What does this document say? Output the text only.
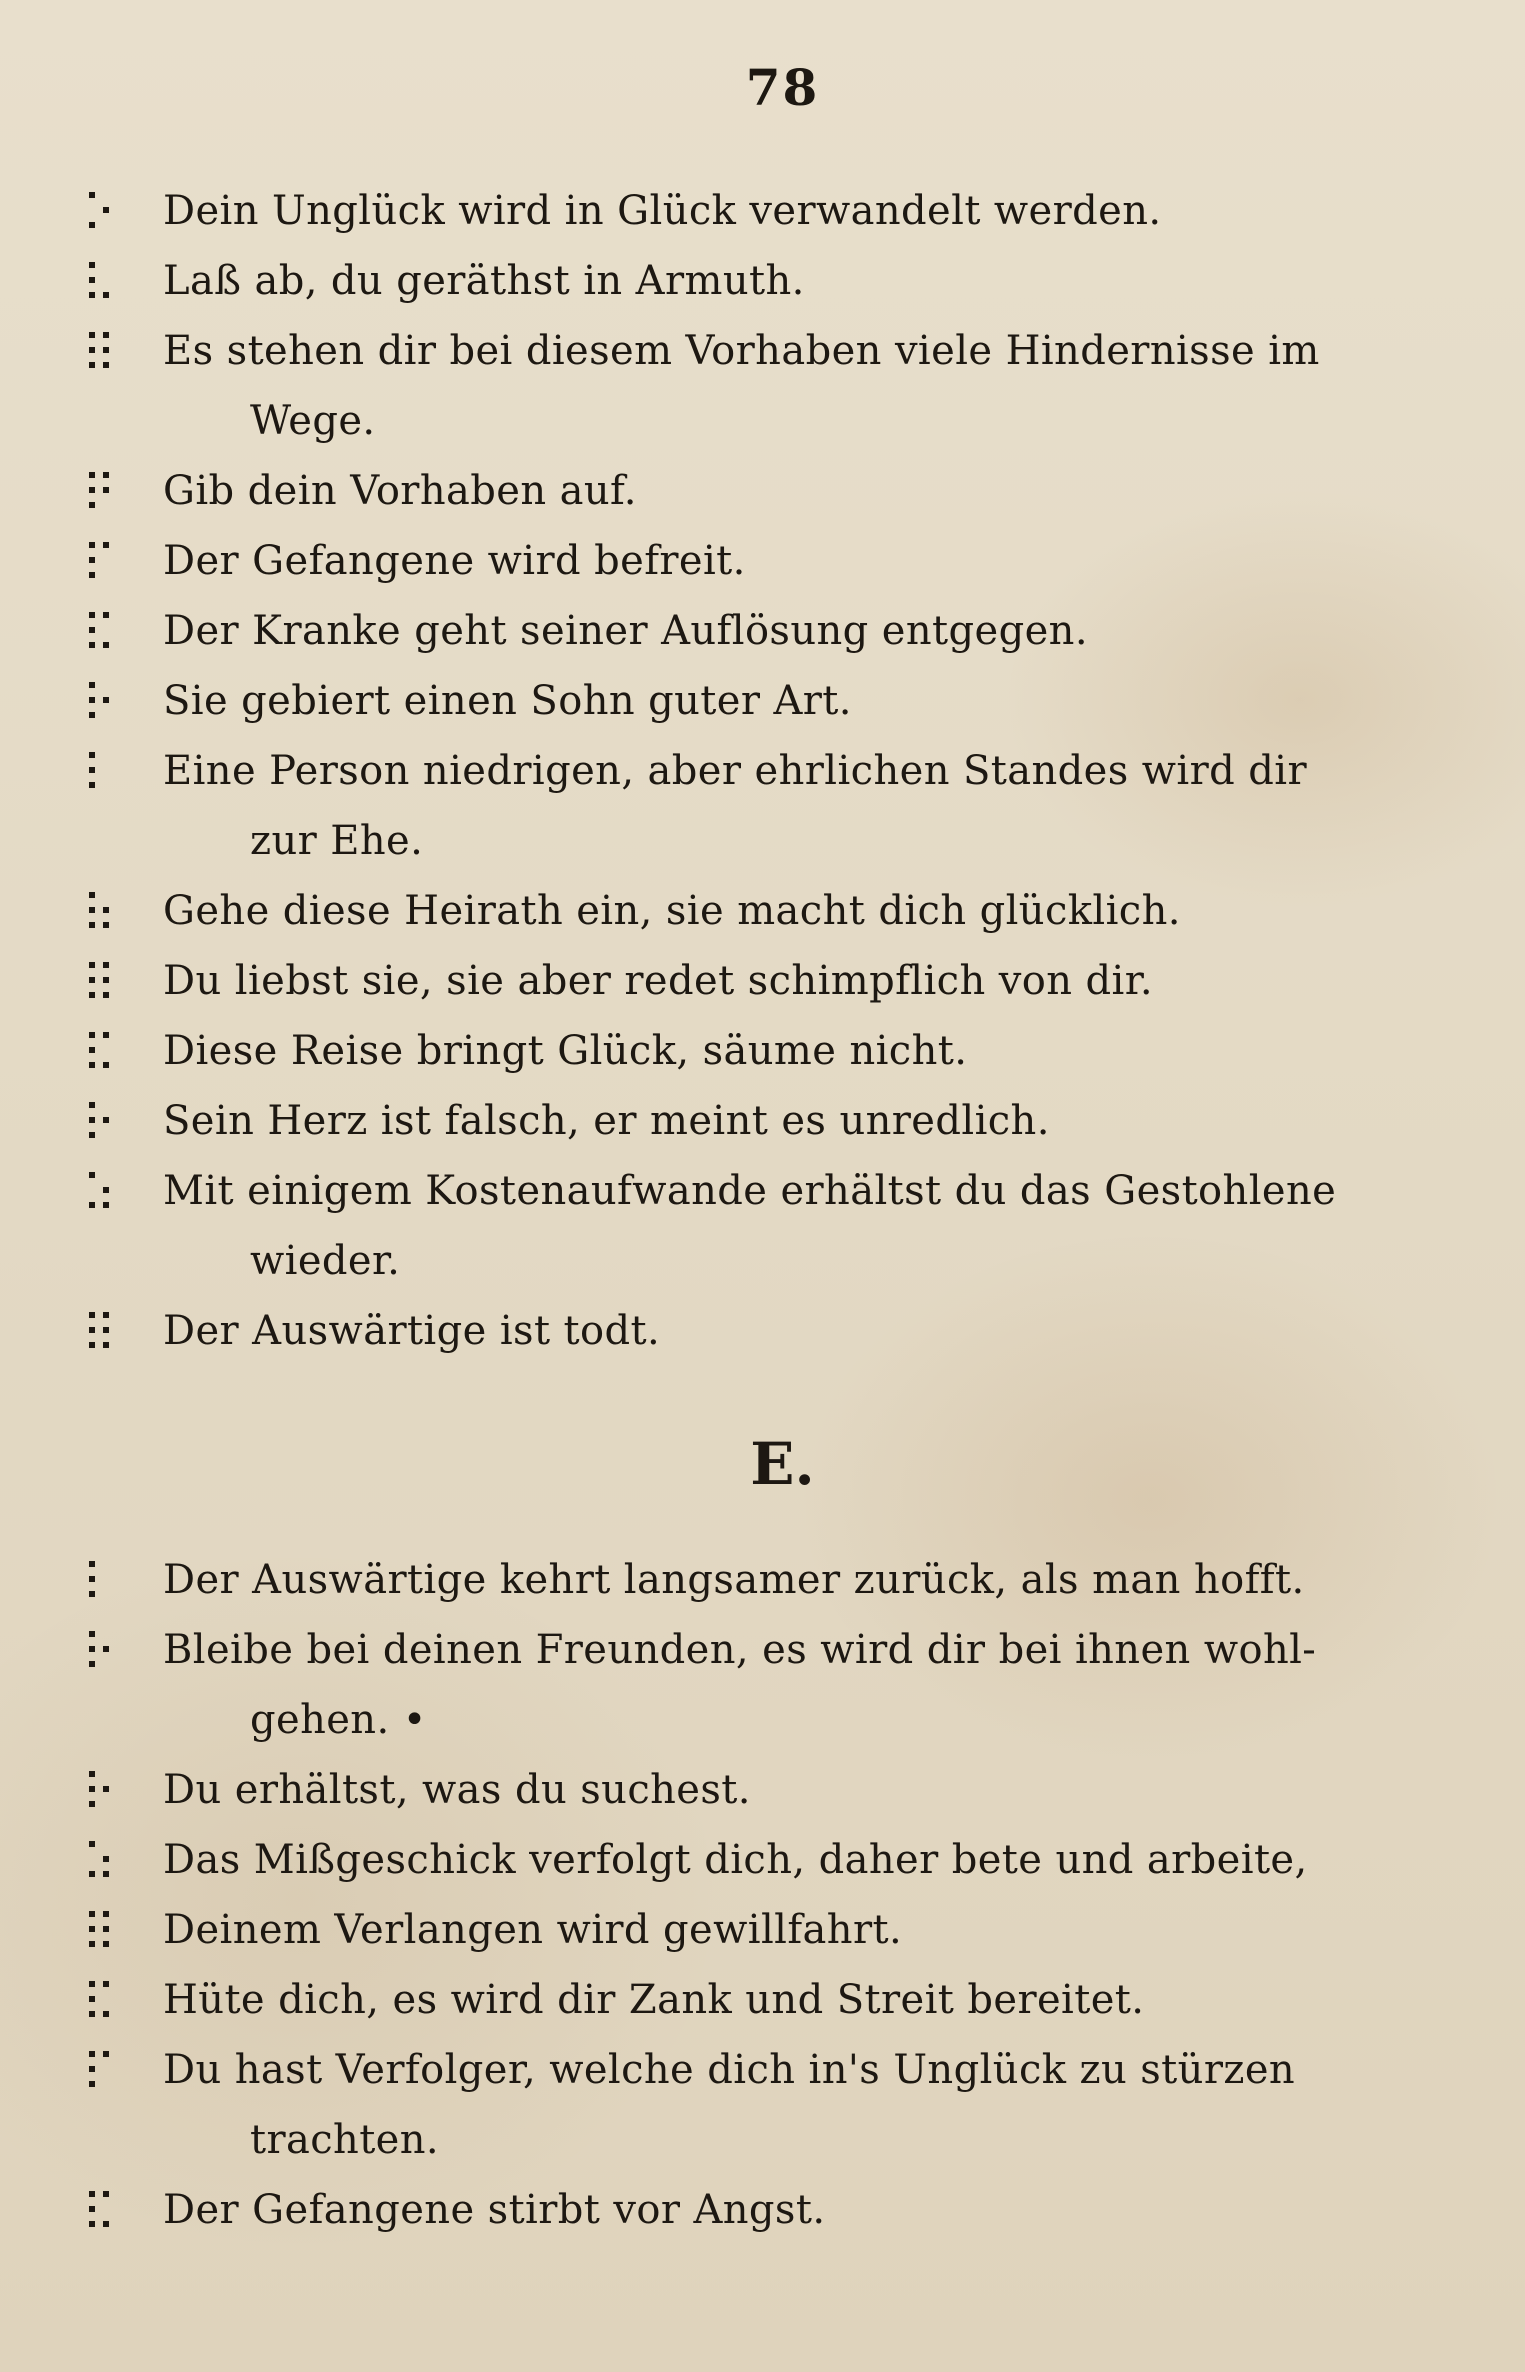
78
Dein Unglück wird in Glück verwandelt werden.
Laß ab, du geräthst in Armuth.
Es stehen dir bei diesem Vorhaben viele Hindernisse im
Wege.
Gib dein Vorhaben auf.
Der Gefangene wird befreit.
Der Kranke geht seiner Auflösung entgegen.
Sie gebiert einen Sohn guter Art.
Eine Person niedrigen, aber ehrlichen Standes wird dir
zur Ehe.
Gehe diese Heirath ein, sie macht dich glücklich.
Du liebst sie, sie aber redet schimpflich von dir.
Diese Reise bringt Glück, säume nicht.
Sein Herz ist falsch, er meint es unredlich.
Mit einigem Kostenaufwande erhältst du das Gestohlene
wieder.
Der Auswärtige ist todt.
E.
Der Auswärtige kehrt langsamer zurück, als man hofft.
Bleibe bei deinen Freunden, es wird dir bei ihnen wohl-
gehen. •
Du erhältst, was du suchest.
Das Mißgeschick verfolgt dich, daher bete und arbeite,
Deinem Verlangen wird gewillfahrt.
Hüte dich, es wird dir Zank und Streit bereitet.
Du hast Verfolger, welche dich in's Unglück zu stürzen
trachten.
Der Gefangene stirbt vor Angst.
